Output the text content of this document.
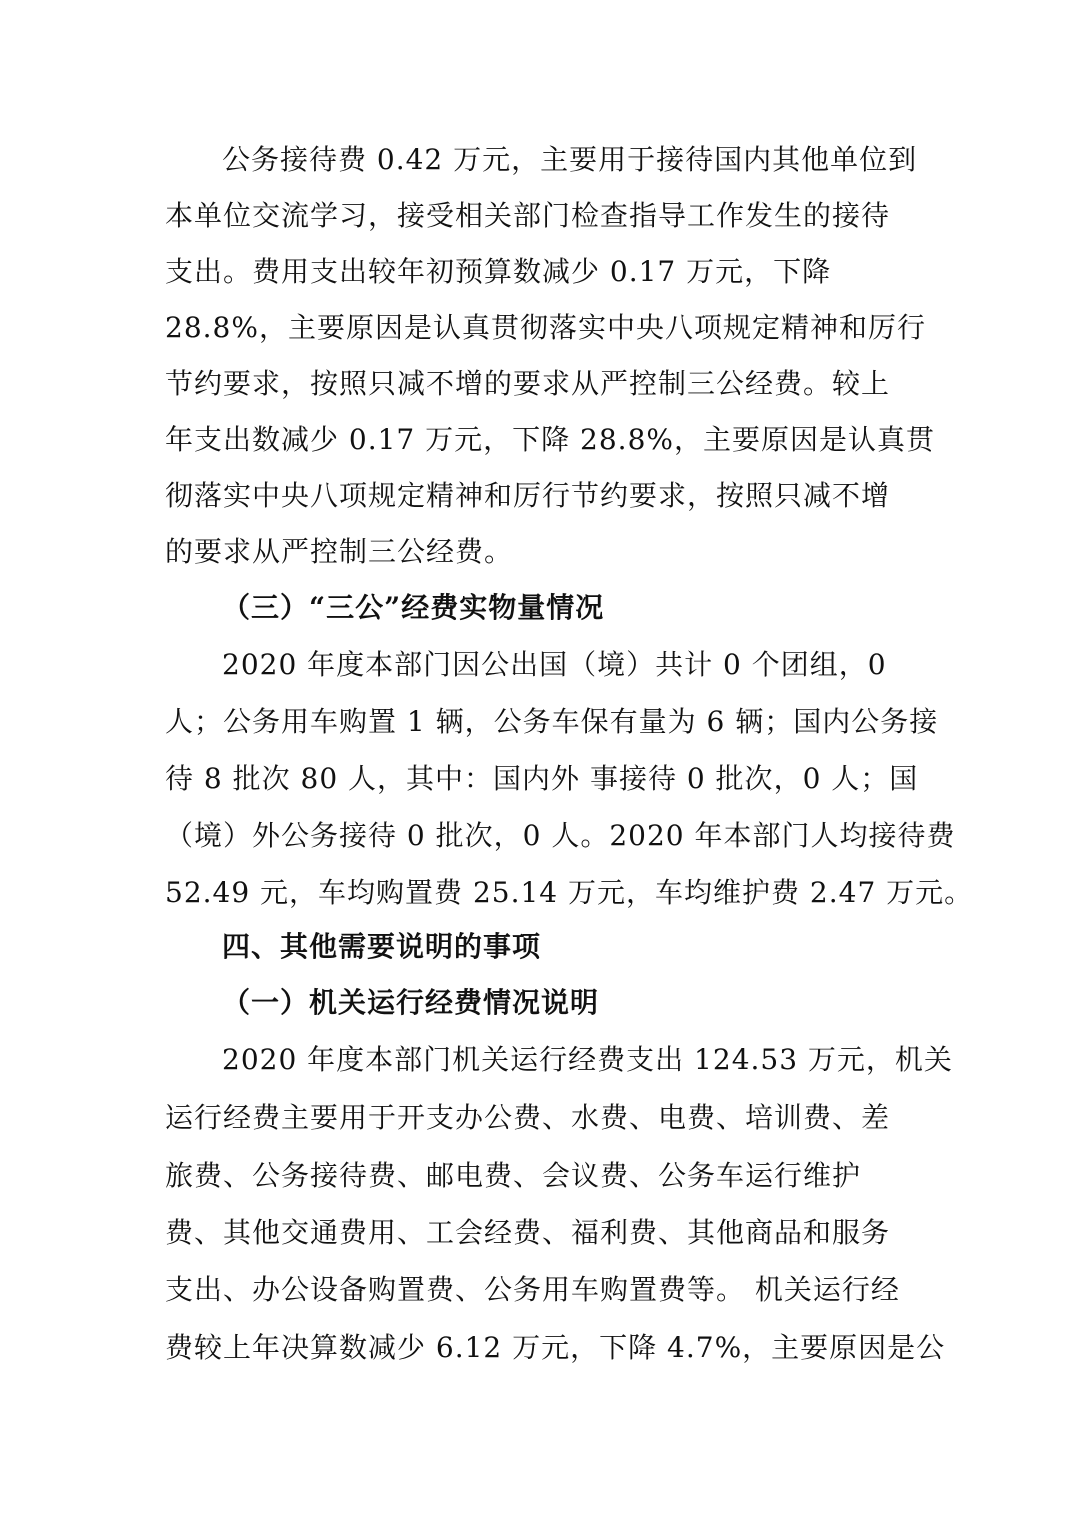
公务接待费 0.42 万元，主要用于接待国内其他单位到
本单位交流学习，接受相关部门检查指导工作发生的接待
支出。费用支出较年初预算数减少 0.17 万元，下降
28.8%，主要原因是认真贯彻落实中央八项规定精神和厉行
节约要求，按照只减不增的要求从严控制三公经费。较上
年支出数减少 0.17 万元，下降 28.8%，主要原因是认真贯
彻落实中央八项规定精神和厉行节约要求，按照只减不增
的要求从严控制三公经费。
（三）“三公”经费实物量情况
2020 年度本部门因公出国（境）共计 0 个团组，0
人；公务用车购置 1 辆，公务车保有量为 6 辆；国内公务接
待 8 批次 80 人，其中：国内外 事接待 0 批次，0 人；国
（境）外公务接待 0 批次，0 人。2020 年本部门人均接待费
52.49 元，车均购置费 25.14 万元，车均维护费 2.47 万元。
四、其他需要说明的事项
（一）机关运行经费情况说明
2020 年度本部门机关运行经费支出 124.53 万元，机关
运行经费主要用于开支办公费、水费、电费、培训费、差
旅费、公务接待费、邮电费、会议费、公务车运行维护
费、其他交通费用、工会经费、福利费、其他商品和服务
支出、办公设备购置费、公务用车购置费等。 机关运行经
费较上年决算数减少 6.12 万元，下降 4.7%，主要原因是公
